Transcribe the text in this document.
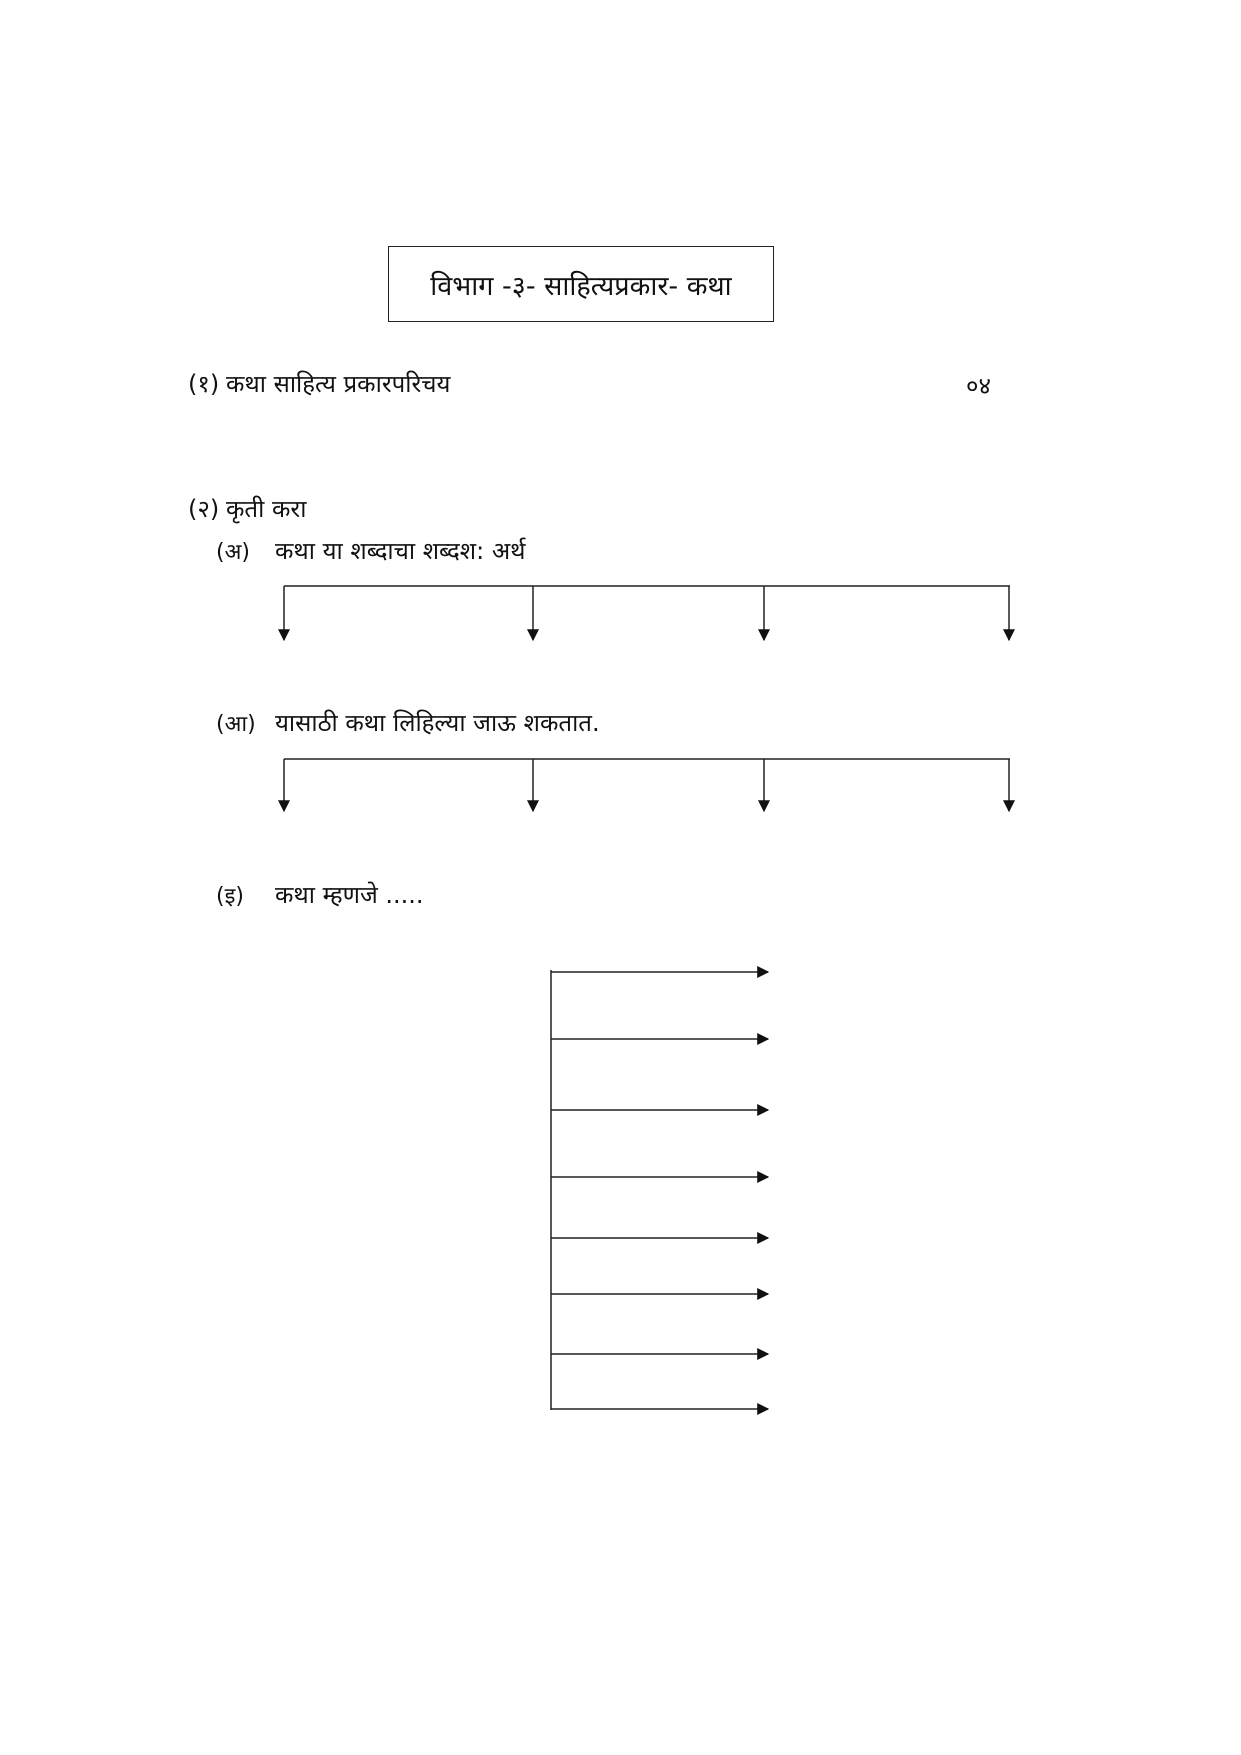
विभाग -३- साहित्यप्रकार- कथा
(१) कथा साहित्य प्रकारपरिचय	०४
(२) कृती करा
(अ) कथा या शब्दाचा शब्दश: अर्थ
(आ) यासाठी कथा लिहिल्या जाऊ शकतात.
(इ) कथा म्हणजे .....
